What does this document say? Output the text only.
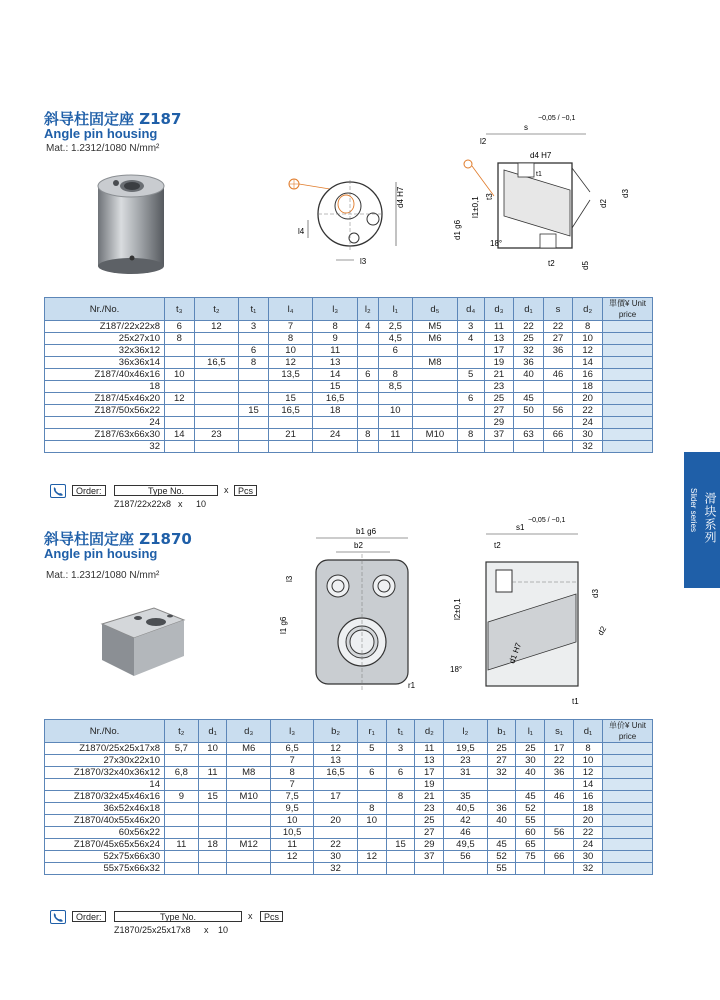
滑块系列
Slider series
斜导柱固定座 Z187
Angle pin housing
Mat.: 1.2312/1080 N/mm²
l4
l3
d4 H7
−0,05 / −0,1
s
l2
d4 H7
t1
d1 g6
l1±0,1 t3
18°
d2
d3
t2	d5
Nr./No.	t₃	t₂	t₁	l₄	l₃	l₂	l₁	d₅	d₄	d₃	d₁	s	d₂	單價¥ Unit price
Z187/22x22x8	6	12	3	7	8	4	2,5	M5	3	11	22	22	8	
25x27x10	8			8	9		4,5	M6	4	13	25	27	10	
32x36x12			6	10	11		6			17	32	36	12	
36x36x14		16,5	8	12	13			M8		19	36		14	
Z187/40x46x16	10			13,5	14	6	8		5	21	40	46	16	
18					15		8,5			23			18	
Z187/45x46x20	12			15	16,5				6	25	45		20	
Z187/50x56x22			15	16,5	18		10			27	50	56	22	
24										29			24	
Z187/63x66x30	14	23		21	24	8	11	M10	8	37	63	66	30	
32													32	
Order:	Type No.	x	Pcs
Z187/22x22x8 x 10
斜导柱固定座 Z1870
Angle pin housing
Mat.: 1.2312/1080 N/mm²
b1 g6
b2
l3
l1 g6
r1
−0,05 / −0,1
s1
t2
d3
l2±0,1
d2
d1 H7
18°
t1
Nr./No.	t₂	d₁	d₃	l₃	b₂	r₁	t₁	d₂	l₂	b₁	l₁	s₁	d₁	单价¥ Unit price
Z1870/25x25x17x8	5,7	10	M6	6,5	12	5	3	11	19,5	25	25	17	8	
27x30x22x10				7	13			13	23	27	30	22	10	
Z1870/32x40x36x12	6,8	11	M8	8	16,5	6	6	17	31	32	40	36	12	
14				7				19					14	
Z1870/32x45x46x16	9	15	M10	7,5	17		8	21	35		45	46	16	
36x52x46x18				9,5		8		23	40,5	36	52		18	
Z1870/40x55x46x20				10	20	10		25	42	40	55		20	
60x56x22				10,5				27	46		60	56	22	
Z1870/45x65x56x24	11	18	M12	11	22		15	29	49,5	45	65		24	
52x75x66x30				12	30	12		37	56	52	75	66	30	
55x75x66x32					32					55			32	
Order:	Type No.	x	Pcs
Z1870/25x25x17x8 x 10
